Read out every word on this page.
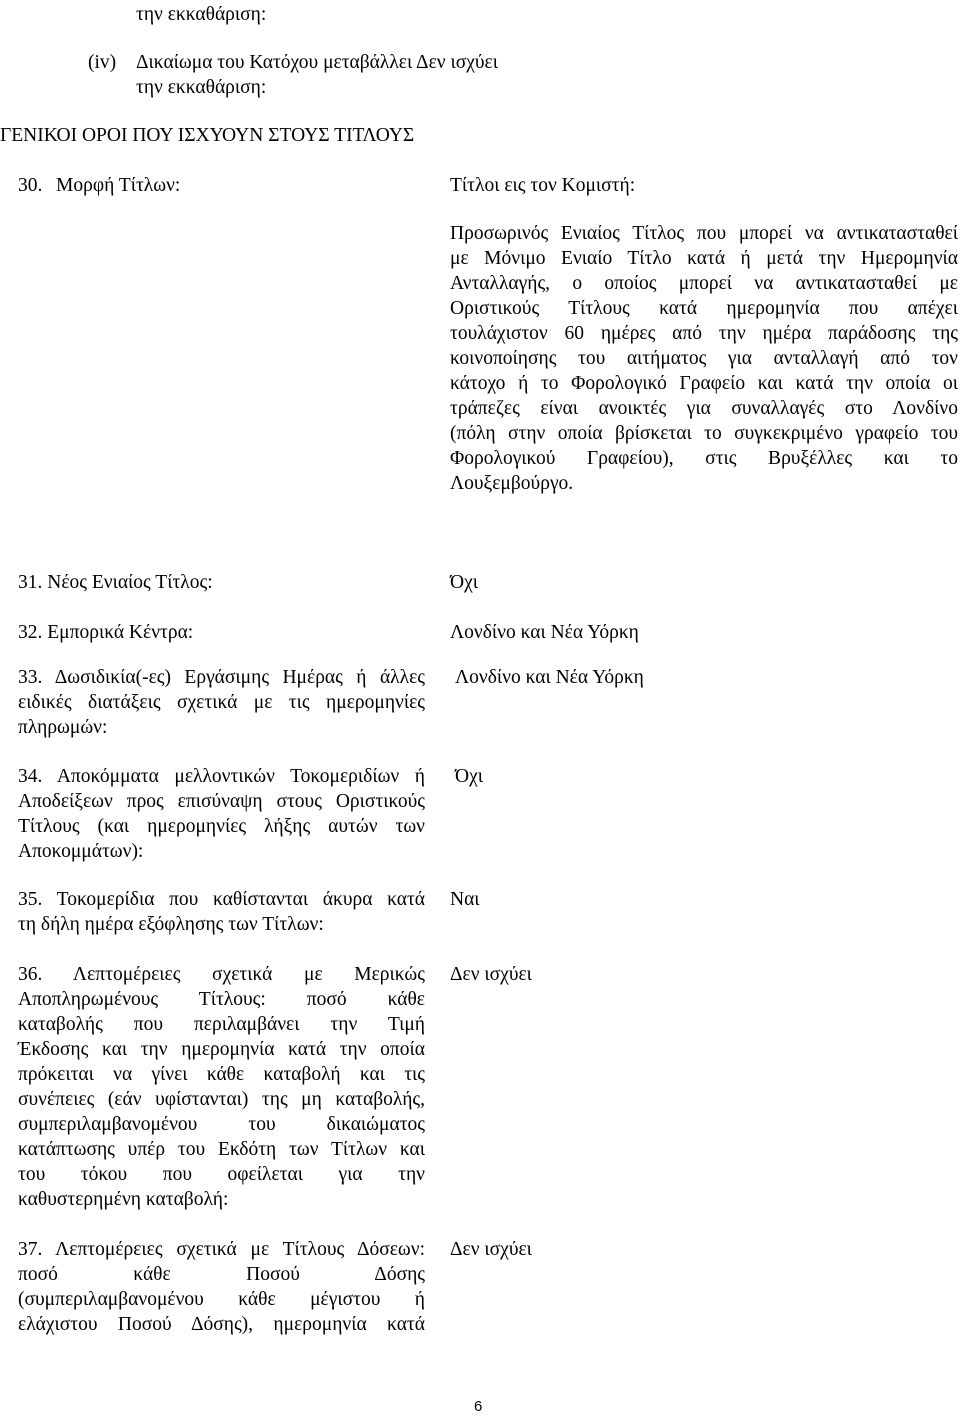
την εκκαθάριση:

(iv) Δικαίωμα του Κατόχου μεταβάλλει Δεν ισχύει

την εκκαθάριση:

ΓΕΝΙΚΟΙ ΟΡΟΙ ΠΟΥ ΙΣΧΥΟΥΝ ΣΤΟΥΣ ΤΙΤΛΟΥΣ

30. Μορφή Τίτλων:	Τίτλοι εις τον Κομιστή:

Προσωρινός Ενιαίος Τίτλος που μπορεί να αντικατασταθεί
με Μόνιμο Ενιαίο Τίτλο κατά ή μετά την Ημερομηνία
Ανταλλαγής, ο οποίος μπορεί να αντικατασταθεί με
Οριστικούς Τίτλους κατά ημερομηνία που απέχει
τουλάχιστον 60 ημέρες από την ημέρα παράδοσης της
κοινοποίησης του αιτήματος για ανταλλαγή από τον
κάτοχο ή το Φορολογικό Γραφείο και κατά την οποία οι
τράπεζες είναι ανοικτές για συναλλαγές στο Λονδίνο
(πόλη στην οποία βρίσκεται το συγκεκριμένο γραφείο του
Φορολογικού Γραφείου), στις Βρυξέλλες και το
Λουξεμβούργο.

31. Νέος Ενιαίος Τίτλος:	Όχι

32. Εμπορικά Κέντρα:	Λονδίνο και Νέα Υόρκη

33. Δωσιδικία(-ες) Εργάσιμης Ημέρας ή άλλες
ειδικές διατάξεις σχετικά με τις ημερομηνίες
πληρωμών:

Λονδίνο και Νέα Υόρκη

34. Αποκόμματα μελλοντικών Τοκομεριδίων ή
Αποδείξεων προς επισύναψη στους Οριστικούς
Τίτλους (και ημερομηνίες λήξης αυτών των
Αποκομμάτων):

Όχι

35. Τοκομερίδια που καθίστανται άκυρα κατά
τη δήλη ημέρα εξόφλησης των Τίτλων:

Ναι

36. Λεπτομέρειες σχετικά με Μερικώς
Αποπληρωμένους Τίτλους: ποσό κάθε
καταβολής που περιλαμβάνει την Τιμή
Έκδοσης και την ημερομηνία κατά την οποία
πρόκειται να γίνει κάθε καταβολή και τις
συνέπειες (εάν υφίστανται) της μη καταβολής,
συμπεριλαμβανομένου του δικαιώματος
κατάπτωσης υπέρ του Εκδότη των Τίτλων και
του τόκου που οφείλεται για την
καθυστερημένη καταβολή:

Δεν ισχύει

37. Λεπτομέρειες σχετικά με Τίτλους Δόσεων:
ποσό κάθε Ποσού Δόσης
(συμπεριλαμβανομένου κάθε μέγιστου ή
ελάχιστου Ποσού Δόσης), ημερομηνία κατά

Δεν ισχύει

6
